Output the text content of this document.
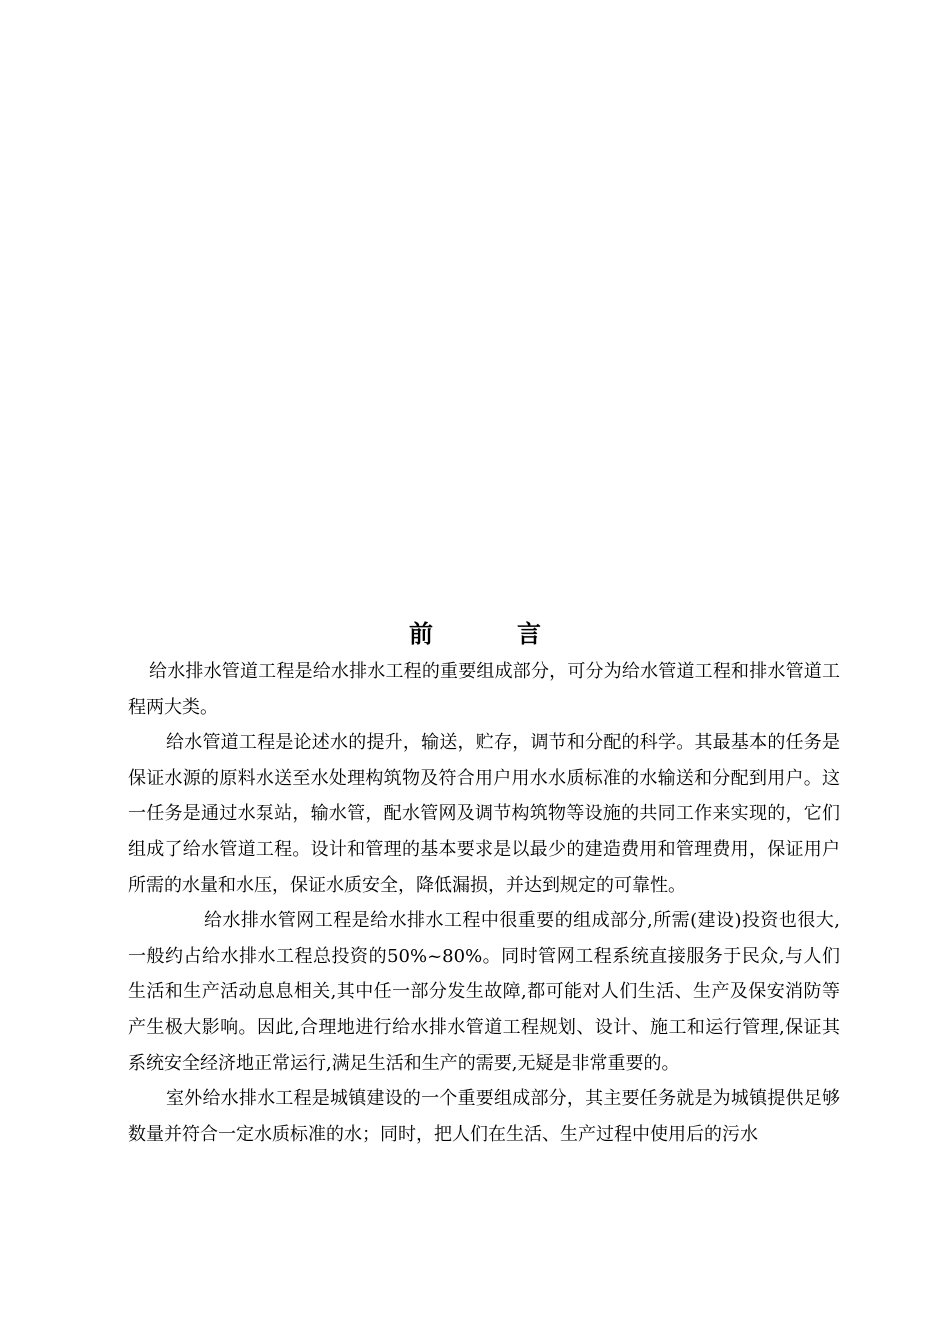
前　言

给水排水管道工程是给水排水工程的重要组成部分，可分为给水管道工程和排水管道工程两大类。

给水管道工程是论述水的提升，输送，贮存，调节和分配的科学。其最基本的任务是保证水源的原料水送至水处理构筑物及符合用户用水水质标准的水输送和分配到用户。这一任务是通过水泵站，输水管，配水管网及调节构筑物等设施的共同工作来实现的，它们组成了给水管道工程。设计和管理的基本要求是以最少的建造费用和管理费用，保证用户所需的水量和水压，保证水质安全，降低漏损，并达到规定的可靠性。

给水排水管网工程是给水排水工程中很重要的组成部分,所需(建设)投资也很大,一般约占给水排水工程总投资的50%~80%。同时管网工程系统直接服务于民众,与人们生活和生产活动息息相关,其中任一部分发生故障,都可能对人们生活、生产及保安消防等产生极大影响。因此,合理地进行给水排水管道工程规划、设计、施工和运行管理,保证其系统安全经济地正常运行,满足生活和生产的需要,无疑是非常重要的。

室外给水排水工程是城镇建设的一个重要组成部分，其主要任务就是为城镇提供足够数量并符合一定水质标准的水；同时，把人们在生活、生产过程中使用后的污水
